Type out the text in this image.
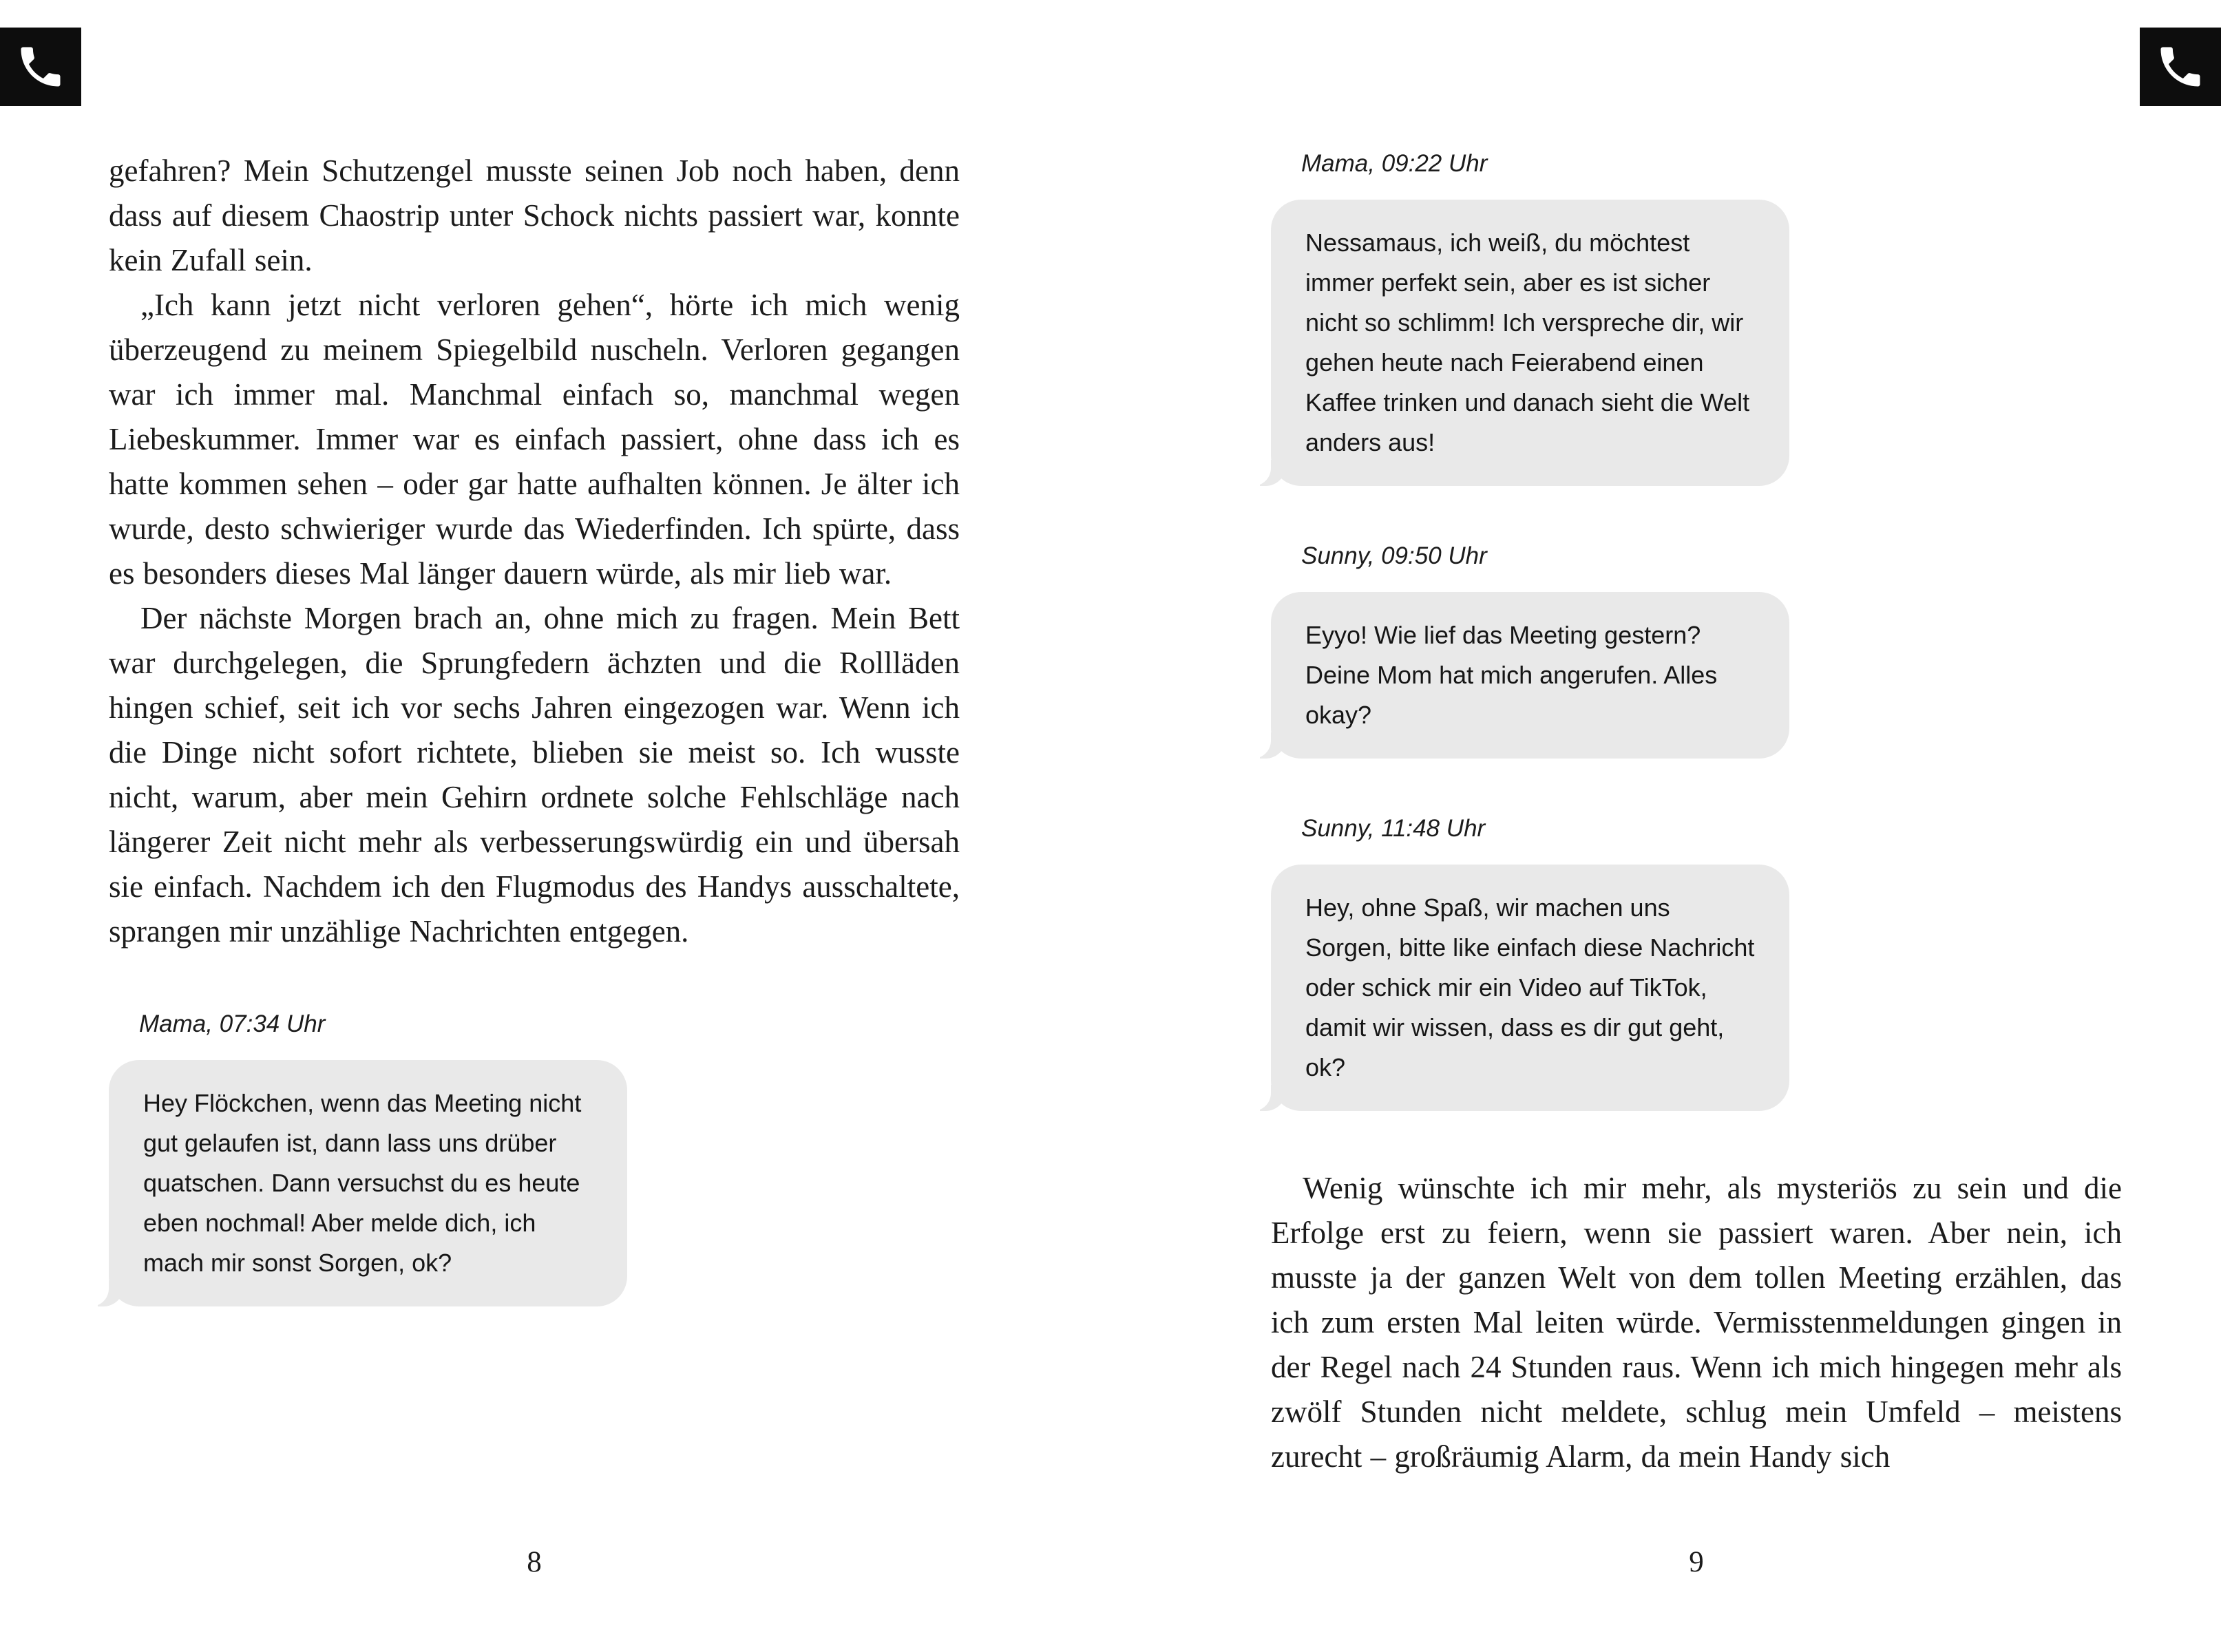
gefahren? Mein Schutzengel musste seinen Job noch haben, denn dass auf diesem Chaostrip unter Schock nichts passiert war, konnte kein Zufall sein.

„Ich kann jetzt nicht verloren gehen“, hörte ich mich wenig überzeugend zu meinem Spiegelbild nuscheln. Verloren gegangen war ich immer mal. Manchmal einfach so, manchmal wegen Liebeskummer. Immer war es einfach passiert, ohne dass ich es hatte kommen sehen – oder gar hatte aufhalten können. Je älter ich wurde, desto schwieriger wurde das Wiederfinden. Ich spürte, dass es besonders dieses Mal länger dauern würde, als mir lieb war.

Der nächste Morgen brach an, ohne mich zu fragen. Mein Bett war durchgelegen, die Sprungfedern ächzten und die Rollläden hingen schief, seit ich vor sechs Jahren eingezogen war. Wenn ich die Dinge nicht sofort richtete, blieben sie meist so. Ich wusste nicht, warum, aber mein Gehirn ordnete solche Fehlschläge nach längerer Zeit nicht mehr als verbesserungswürdig ein und übersah sie einfach. Nachdem ich den Flugmodus des Handys ausschaltete, sprangen mir unzählige Nachrichten entgegen.

Mama, 07:34 Uhr
Hey Flöckchen, wenn das Meeting nicht gut gelaufen ist, dann lass uns drüber quatschen. Dann versuchst du es heute eben nochmal! Aber melde dich, ich mach mir sonst Sorgen, ok?
Mama, 09:22 Uhr
Nessamaus, ich weiß, du möchtest immer perfekt sein, aber es ist sicher nicht so schlimm! Ich verspreche dir, wir gehen heute nach Feierabend einen Kaffee trinken und danach sieht die Welt anders aus!
Sunny, 09:50 Uhr
Eyyo! Wie lief das Meeting gestern? Deine Mom hat mich angerufen. Alles okay?
Sunny, 11:48 Uhr
Hey, ohne Spaß, wir machen uns Sorgen, bitte like einfach diese Nachricht oder schick mir ein Video auf TikTok, damit wir wissen, dass es dir gut geht, ok?

Wenig wünschte ich mir mehr, als mysteriös zu sein und die Erfolge erst zu feiern, wenn sie passiert waren. Aber nein, ich musste ja der ganzen Welt von dem tollen Meeting erzählen, das ich zum ersten Mal leiten würde. Vermisstenmeldungen gingen in der Regel nach 24 Stunden raus. Wenn ich mich hingegen mehr als zwölf Stunden nicht meldete, schlug mein Umfeld – meistens zurecht – großräumig Alarm, da mein Handy sich

8	9
